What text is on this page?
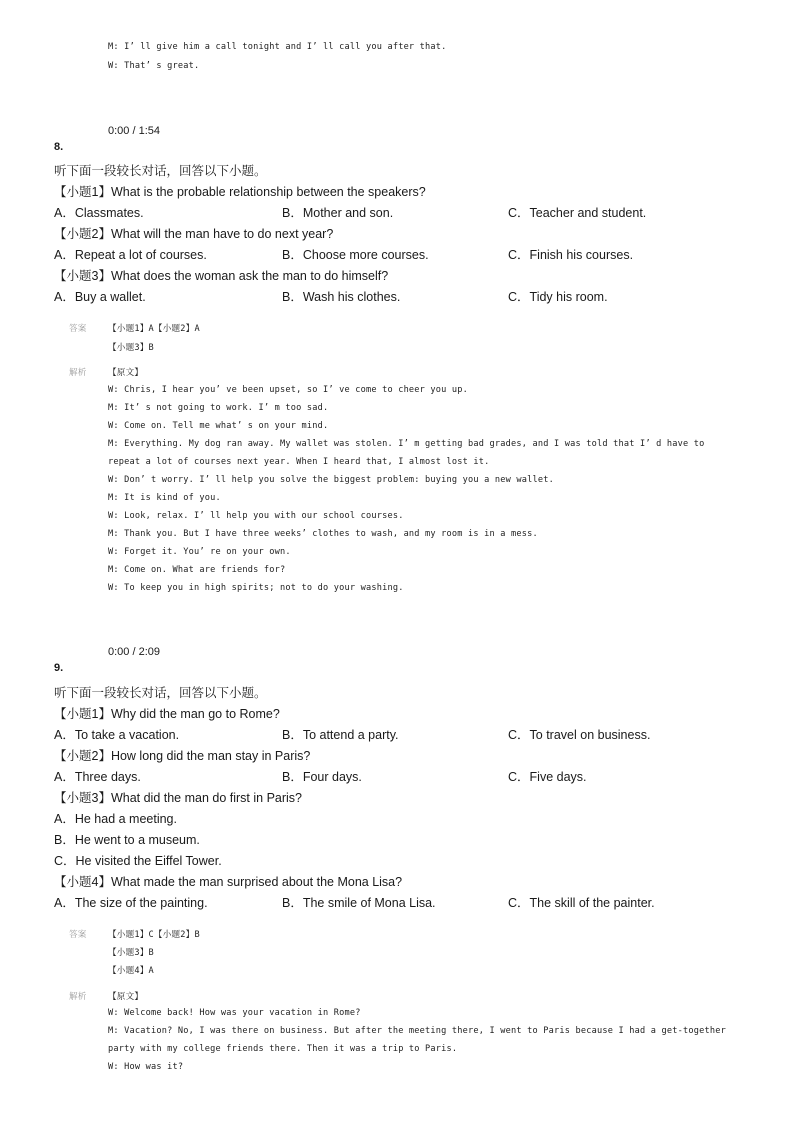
M: I’ ll give him a call tonight and I’ ll call you after that.
W: That’ s great.
0:00 / 1:54
8.
听下面一段较长对话，回答以下小题。
【小题1】What is the probable relationship between the speakers?
A．Classmates.	B．Mother and son.	C．Teacher and student.
【小题2】What will the man have to do next year?
A．Repeat a lot of courses.	B．Choose more courses.	C．Finish his courses.
【小题3】What does the woman ask the man to do himself?
A．Buy a wallet.	B．Wash his clothes.	C．Tidy his room.
答案 【小题1】A【小题2】A
【小题3】B
解析 【原文】
W: Chris, I hear you’ ve been upset, so I’ ve come to cheer you up.
M: It’ s not going to work. I’ m too sad.
W: Come on. Tell me what’ s on your mind.
M: Everything. My dog ran away. My wallet was stolen. I’ m getting bad grades, and I was told that I’ d have to
repeat a lot of courses next year. When I heard that, I almost lost it.
W: Don’ t worry. I’ ll help you solve the biggest problem: buying you a new wallet.
M: It is kind of you.
W: Look, relax. I’ ll help you with our school courses.
M: Thank you. But I have three weeks’ clothes to wash, and my room is in a mess.
W: Forget it. You’ re on your own.
M: Come on. What are friends for?
W: To keep you in high spirits; not to do your washing.
0:00 / 2:09
9.
听下面一段较长对话，回答以下小题。
【小题1】Why did the man go to Rome?
A．To take a vacation.	B．To attend a party.	C．To travel on business.
【小题2】How long did the man stay in Paris?
A．Three days.	B．Four days.	C．Five days.
【小题3】What did the man do first in Paris?
A．He had a meeting.
B．He went to a museum.
C．He visited the Eiffel Tower.
【小题4】What made the man surprised about the Mona Lisa?
A．The size of the painting.	B．The smile of Mona Lisa.	C．The skill of the painter.
答案 【小题1】C【小题2】B
【小题3】B
【小题4】A
解析 【原文】
W: Welcome back! How was your vacation in Rome?
M: Vacation? No, I was there on business. But after the meeting there, I went to Paris because I had a get-together
party with my college friends there. Then it was a trip to Paris.
W: How was it?
